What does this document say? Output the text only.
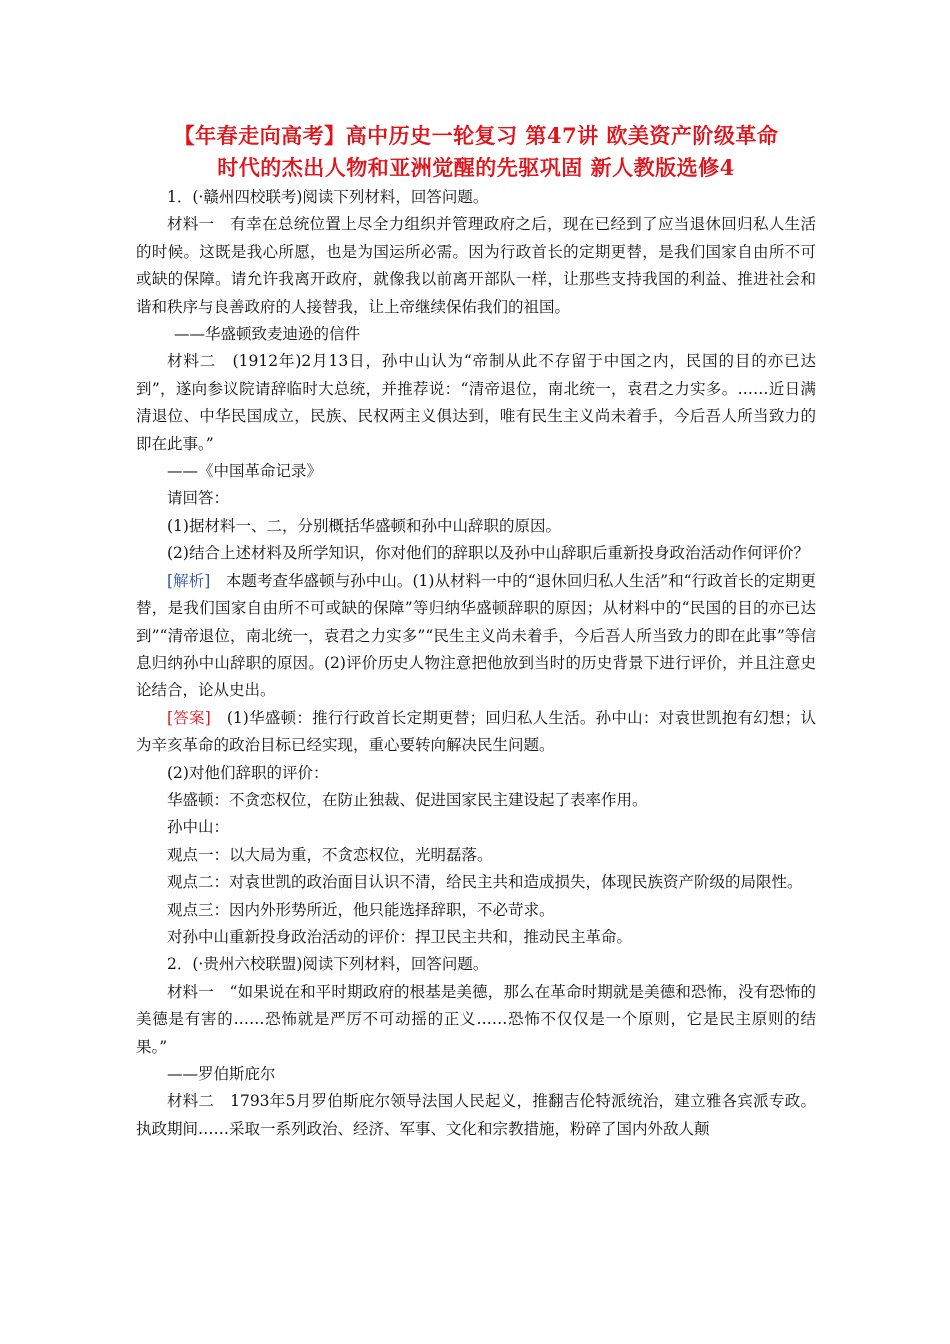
【年春走向高考】高中历史一轮复习 第47讲 欧美资产阶级革命
时代的杰出人物和亚洲觉醒的先驱巩固 新人教版选修4

1．(·赣州四校联考)阅读下列材料，回答问题。

材料一　有幸在总统位置上尽全力组织并管理政府之后，现在已经到了应当退休回归私人生活的时候。这既是我心所愿，也是为国运所必需。因为行政首长的定期更替，是我们国家自由所不可或缺的保障。请允许我离开政府，就像我以前离开部队一样，让那些支持我国的利益、推进社会和谐和秩序与良善政府的人接替我，让上帝继续保佑我们的祖国。

——华盛顿致麦迪逊的信件

材料二　(1912年)2月13日，孙中山认为“帝制从此不存留于中国之内，民国的目的亦已达到”，遂向参议院请辞临时大总统，并推荐说：“清帝退位，南北统一，袁君之力实多。……近日满清退位、中华民国成立，民族、民权两主义俱达到，唯有民生主义尚未着手，今后吾人所当致力的即在此事。”

——《中国革命记录》

请回答：

(1)据材料一、二，分别概括华盛顿和孙中山辞职的原因。

(2)结合上述材料及所学知识，你对他们的辞职以及孙中山辞职后重新投身政治活动作何评价？

[解析]　本题考查华盛顿与孙中山。(1)从材料一中的“退休回归私人生活”和“行政首长的定期更替，是我们国家自由所不可或缺的保障”等归纳华盛顿辞职的原因；从材料中的“民国的目的亦已达到”“清帝退位，南北统一，袁君之力实多”“民生主义尚未着手，今后吾人所当致力的即在此事”等信息归纳孙中山辞职的原因。(2)评价历史人物注意把他放到当时的历史背景下进行评价，并且注意史论结合，论从史出。

[答案]　(1)华盛顿：推行行政首长定期更替；回归私人生活。孙中山：对袁世凯抱有幻想；认为辛亥革命的政治目标已经实现，重心要转向解决民生问题。

(2)对他们辞职的评价：

华盛顿：不贪恋权位，在防止独裁、促进国家民主建设起了表率作用。

孙中山：

观点一：以大局为重，不贪恋权位，光明磊落。

观点二：对袁世凯的政治面目认识不清，给民主共和造成损失，体现民族资产阶级的局限性。

观点三：因内外形势所近，他只能选择辞职，不必苛求。

对孙中山重新投身政治活动的评价：捍卫民主共和，推动民主革命。

2．(·贵州六校联盟)阅读下列材料，回答问题。

材料一　“如果说在和平时期政府的根基是美德，那么在革命时期就是美德和恐怖，没有恐怖的美德是有害的……恐怖就是严厉不可动摇的正义……恐怖不仅仅是一个原则，它是民主原则的结果。”

——罗伯斯庇尔

材料二　1793年5月罗伯斯庇尔领导法国人民起义，推翻吉伦特派统治，建立雅各宾派专政。执政期间……采取一系列政治、经济、军事、文化和宗教措施，粉碎了国内外敌人颠
